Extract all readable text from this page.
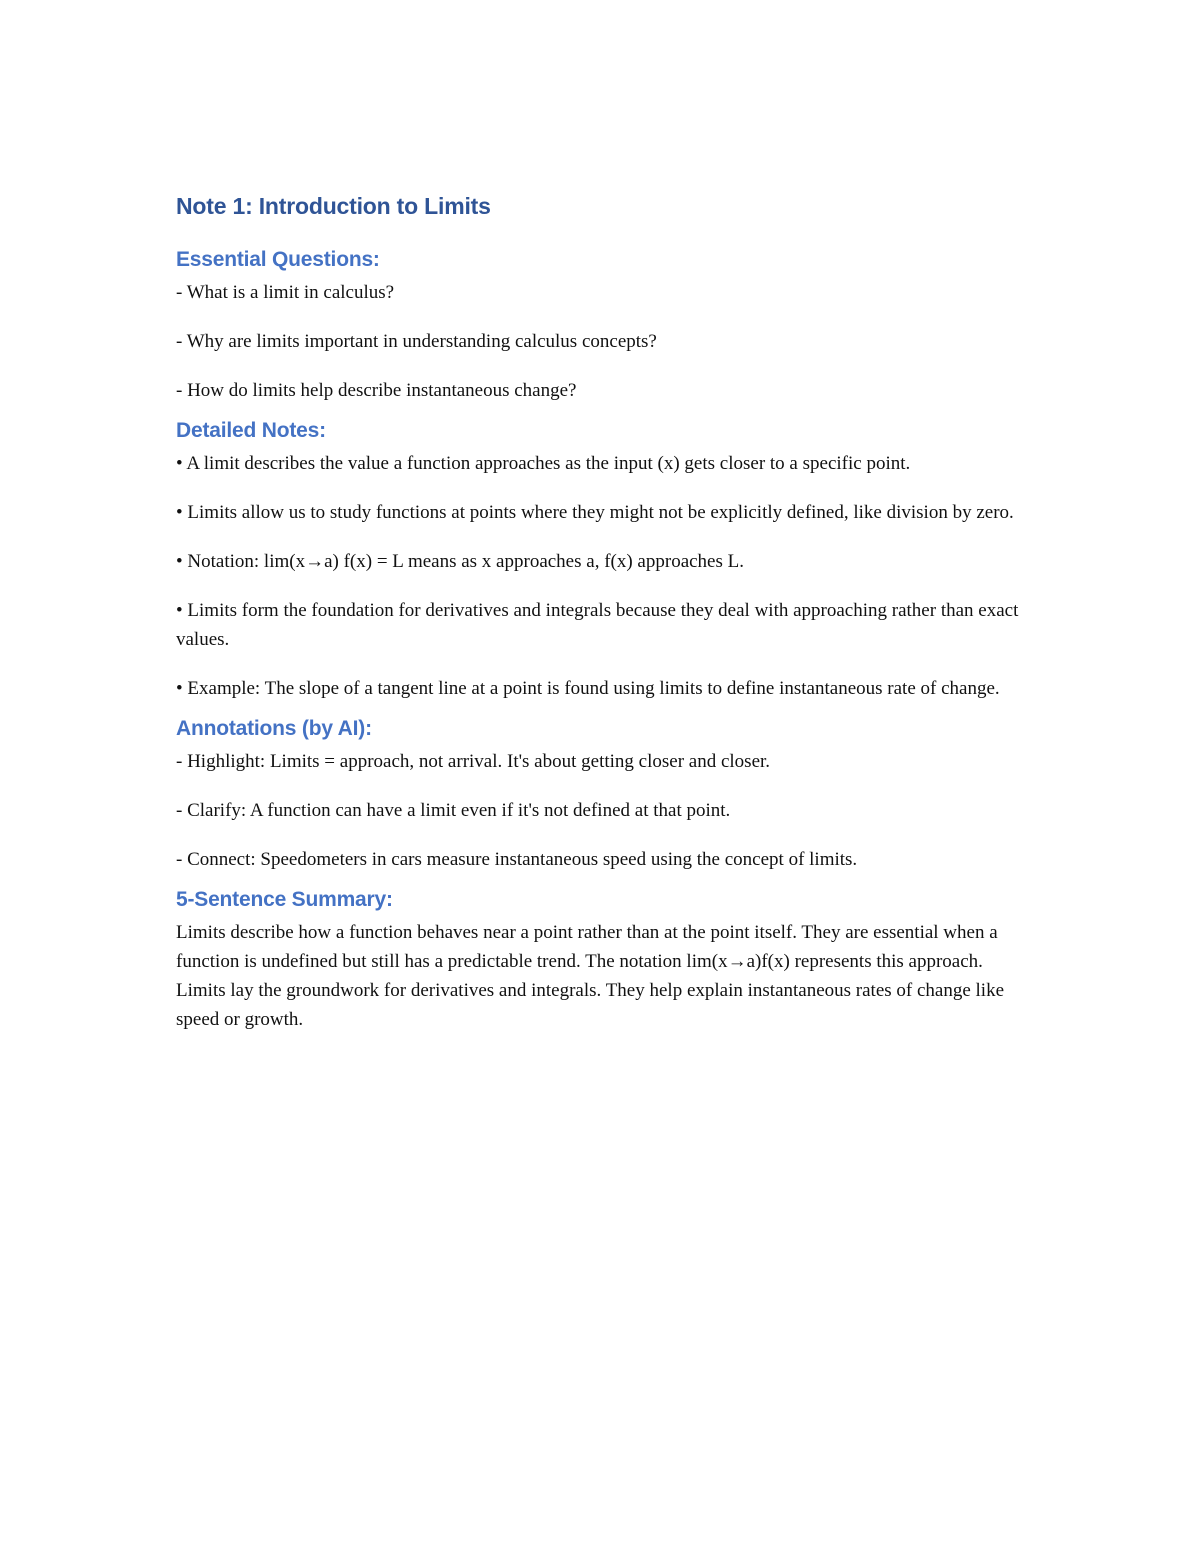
Note 1: Introduction to Limits
Essential Questions:

- What is a limit in calculus?

- Why are limits important in understanding calculus concepts?

- How do limits help describe instantaneous change?

Detailed Notes:

• A limit describes the value a function approaches as the input (x) gets closer to a specific point.

• Limits allow us to study functions at points where they might not be explicitly defined, like division by zero.

• Notation: lim(x→a) f(x) = L means as x approaches a, f(x) approaches L.

• Limits form the foundation for derivatives and integrals because they deal with approaching rather than exact values.

• Example: The slope of a tangent line at a point is found using limits to define instantaneous rate of change.

Annotations (by AI):

- Highlight: Limits = approach, not arrival. It's about getting closer and closer.

- Clarify: A function can have a limit even if it's not defined at that point.

- Connect: Speedometers in cars measure instantaneous speed using the concept of limits.

5-Sentence Summary:

Limits describe how a function behaves near a point rather than at the point itself. They are essential when a function is undefined but still has a predictable trend. The notation lim(x→a)f(x) represents this approach. Limits lay the groundwork for derivatives and integrals. They help explain instantaneous rates of change like speed or growth.
